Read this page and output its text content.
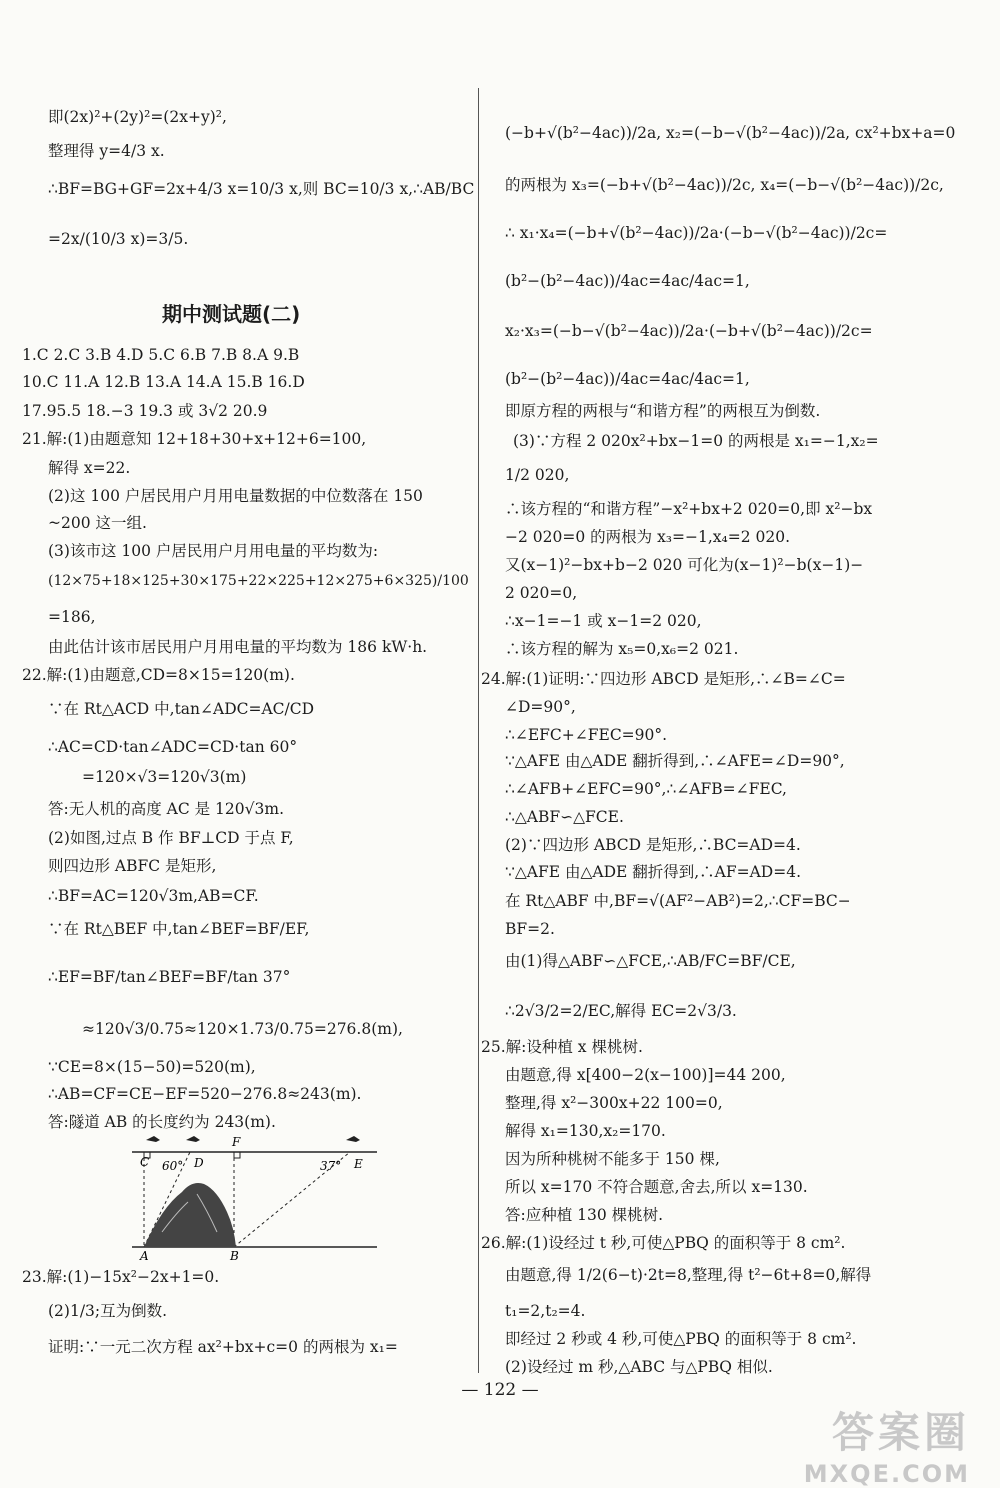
即(2x)²+(2y)²=(2x+y)²,
整理得 y=4/3 x.
∴BF=BG+GF=2x+4/3 x=10/3 x,则 BC=10/3 x,∴AB/BC
=2x/(10/3 x)=3/5.
期中测试题(二)
1.C 2.C 3.B 4.D 5.C 6.B 7.B 8.A 9.B
10.C 11.A 12.B 13.A 14.A 15.B 16.D
17.95.5 18.−3 19.3 或 3√2 20.9
21.解:(1)由题意知 12+18+30+x+12+6=100,
解得 x=22.
(2)这 100 户居民用户月用电量数据的中位数落在 150
~200 这一组.
(3)该市这 100 户居民用户月用电量的平均数为:
(12×75+18×125+30×175+22×225+12×275+6×325)/100
=186,
由此估计该市居民用户月用电量的平均数为 186 kW·h.
22.解:(1)由题意,CD=8×15=120(m).
∵在 Rt△ACD 中,tan∠ADC=AC/CD
∴AC=CD·tan∠ADC=CD·tan 60°
=120×√3=120√3(m)
答:无人机的高度 AC 是 120√3m.
(2)如图,过点 B 作 BF⊥CD 于点 F,
则四边形 ABFC 是矩形,
∴BF=AC=120√3m,AB=CF.
∵在 Rt△BEF 中,tan∠BEF=BF/EF,
∴EF=BF/tan∠BEF=BF/tan 37°
≈120√3/0.75≈120×1.73/0.75=276.8(m),
∵CE=8×(15−50)=520(m),
∴AB=CF=CE−EF=520−276.8≈243(m).
答:隧道 AB 的长度约为 243(m).
C 60° D
F
37° E
A	B
23.解:(1)−15x²−2x+1=0.
(2)1/3;互为倒数.
证明:∵一元二次方程 ax²+bx+c=0 的两根为 x₁=
(−b+√(b²−4ac))/2a, x₂=(−b−√(b²−4ac))/2a, cx²+bx+a=0
的两根为 x₃=(−b+√(b²−4ac))/2c, x₄=(−b−√(b²−4ac))/2c,
∴ x₁·x₄=(−b+√(b²−4ac))/2a·(−b−√(b²−4ac))/2c=
(b²−(b²−4ac))/4ac=4ac/4ac=1,
x₂·x₃=(−b−√(b²−4ac))/2a·(−b+√(b²−4ac))/2c=
(b²−(b²−4ac))/4ac=4ac/4ac=1,
即原方程的两根与“和谐方程”的两根互为倒数.
(3)∵方程 2 020x²+bx−1=0 的两根是 x₁=−1,x₂=
1/2 020,
∴该方程的“和谐方程”−x²+bx+2 020=0,即 x²−bx
−2 020=0 的两根为 x₃=−1,x₄=2 020.
又(x−1)²−bx+b−2 020 可化为(x−1)²−b(x−1)−
2 020=0,
∴x−1=−1 或 x−1=2 020,
∴该方程的解为 x₅=0,x₆=2 021.
24.解:(1)证明:∵四边形 ABCD 是矩形,∴∠B=∠C=
∠D=90°,
∴∠EFC+∠FEC=90°.
∵△AFE 由△ADE 翻折得到,∴∠AFE=∠D=90°,
∴∠AFB+∠EFC=90°,∴∠AFB=∠FEC,
∴△ABF∽△FCE.
(2)∵四边形 ABCD 是矩形,∴BC=AD=4.
∵△AFE 由△ADE 翻折得到,∴AF=AD=4.
在 Rt△ABF 中,BF=√(AF²−AB²)=2,∴CF=BC−
BF=2.
由(1)得△ABF∽△FCE,∴AB/FC=BF/CE,
∴2√3/2=2/EC,解得 EC=2√3/3.
25.解:设种植 x 棵桃树.
由题意,得 x[400−2(x−100)]=44 200,
整理,得 x²−300x+22 100=0,
解得 x₁=130,x₂=170.
因为所种桃树不能多于 150 棵,
所以 x=170 不符合题意,舍去,所以 x=130.
答:应种植 130 棵桃树.
26.解:(1)设经过 t 秒,可使△PBQ 的面积等于 8 cm².
由题意,得 1/2(6−t)·2t=8,整理,得 t²−6t+8=0,解得
t₁=2,t₂=4.
即经过 2 秒或 4 秒,可使△PBQ 的面积等于 8 cm².
(2)设经过 m 秒,△ABC 与△PBQ 相似.
— 122 —
答案圈
MXQE.COM
